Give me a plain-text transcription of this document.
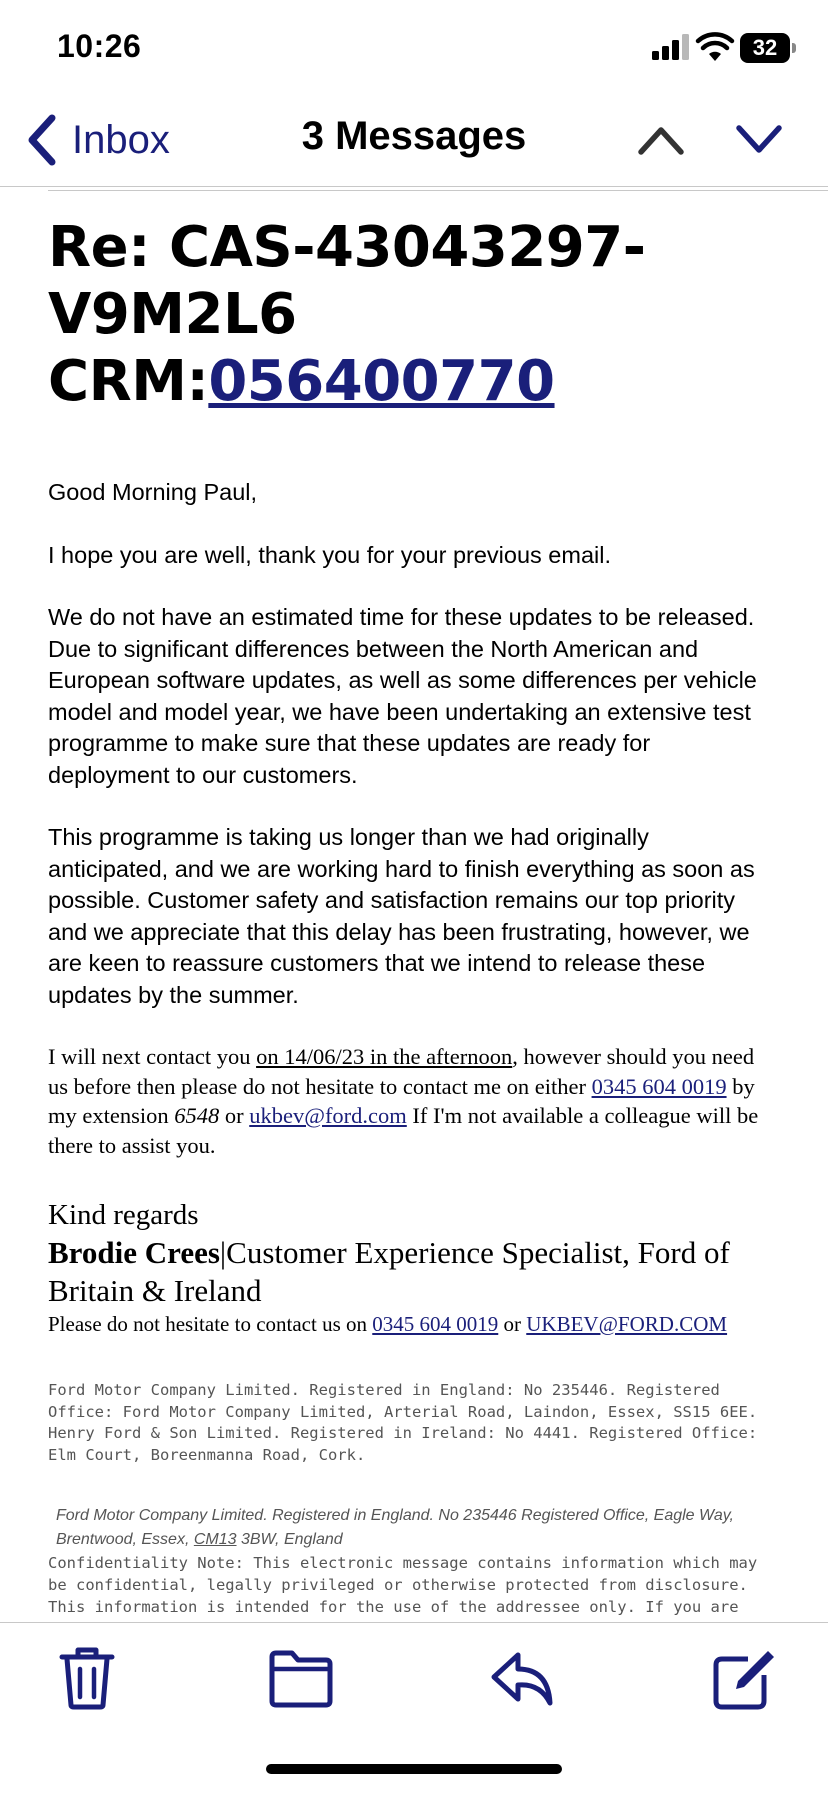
10:26	32
Inbox	3 Messages
Re: CAS-43043297-
V9M2L6
CRM:056400770

Good Morning Paul,

I hope you are well, thank you for your previous email.

We do not have an estimated time for these updates to be released. Due to significant differences between the North American and European software updates, as well as some differences per vehicle model and model year, we have been undertaking an extensive test programme to make sure that these updates are ready for deployment to our customers.

This programme is taking us longer than we had originally anticipated, and we are working hard to finish everything as soon as possible. Customer safety and satisfaction remains our top priority and we appreciate that this delay has been frustrating, however, we are keen to reassure customers that we intend to release these updates by the summer.

I will next contact you on 14/06/23 in the afternoon, however should you need us before then please do not hesitate to contact me on either 0345 604 0019 by my extension 6548 or ukbev@ford.com If I'm not available a colleague will be there to assist you.
Kind regards
Brodie Crees|Customer Experience Specialist, Ford of Britain & Ireland
Please do not hesitate to contact us on 0345 604 0019 or UKBEV@FORD.COM
Ford Motor Company Limited. Registered in England: No 235446. Registered Office: Ford Motor Company Limited, Arterial Road, Laindon, Essex, SS15 6EE.
Henry Ford & Son Limited. Registered in Ireland: No 4441. Registered Office: Elm Court, Boreenmanna Road, Cork.
Ford Motor Company Limited. Registered in England. No 235446 Registered Office, Eagle Way, Brentwood, Essex, CM13 3BW, England
Confidentiality Note: This electronic message contains information which may be confidential, legally privileged or otherwise protected from disclosure. This information is intended for the use of the addressee only. If you are
